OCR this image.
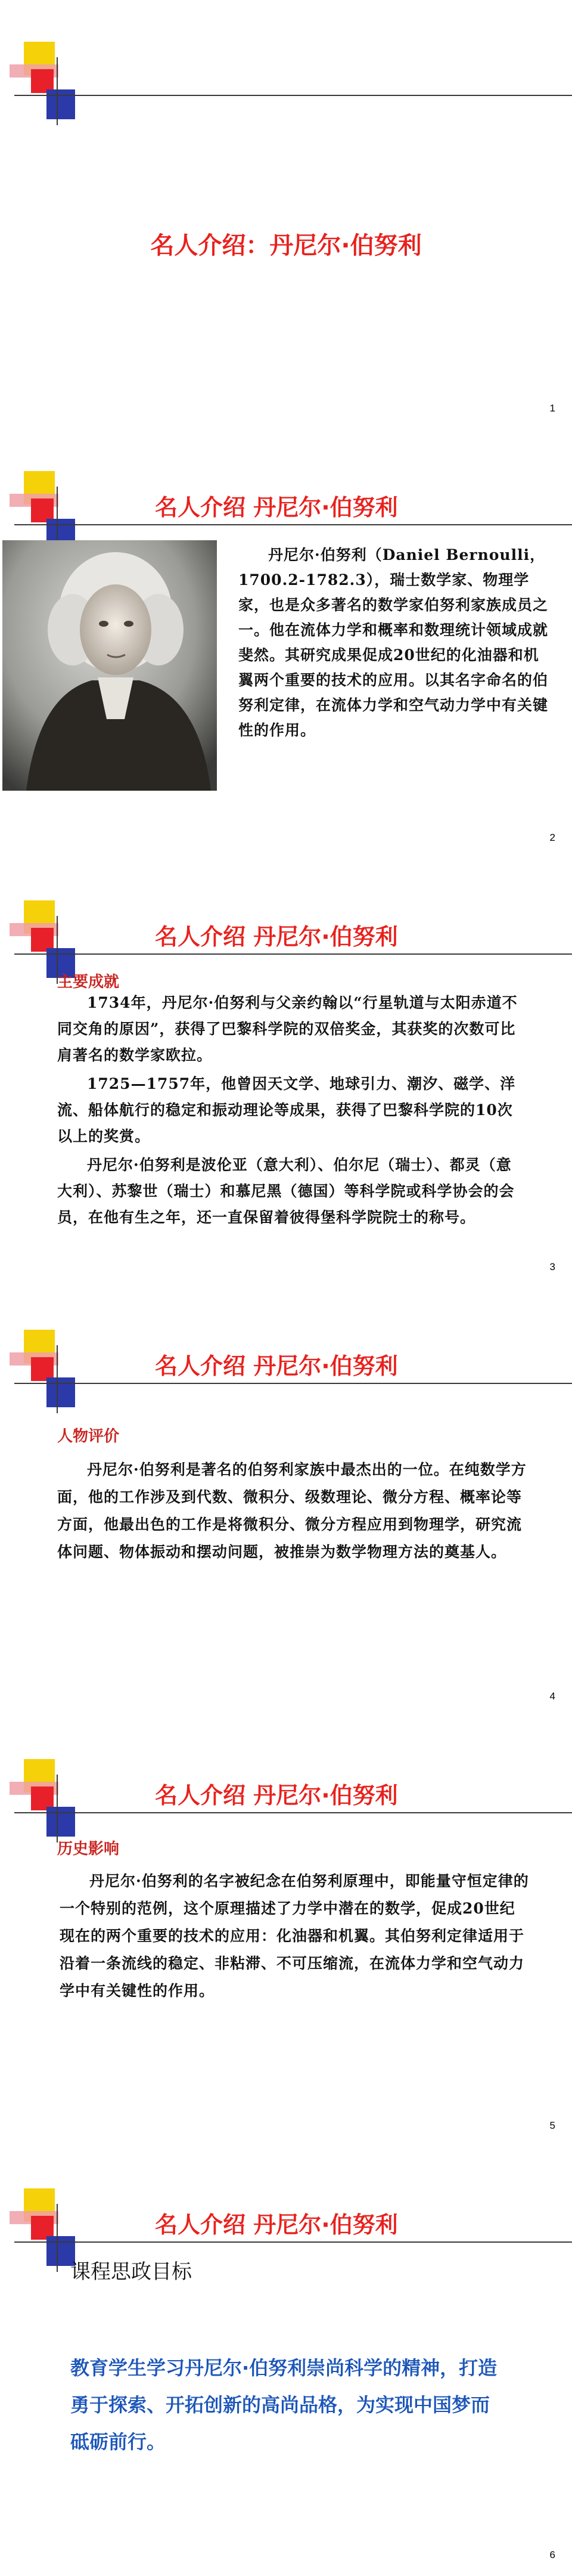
名人介绍：丹尼尔·伯努利
1
名人介绍 丹尼尔·伯努利
丹尼尔·伯努利（Daniel Bernoulli，1700.2-1782.3），瑞士数学家、物理学家，也是众多著名的数学家伯努利家族成员之一。他在流体力学和概率和数理统计领域成就斐然。其研究成果促成20世纪的化油器和机翼两个重要的技术的应用。以其名字命名的伯努利定律，在流体力学和空气动力学中有关键性的作用。
2
名人介绍 丹尼尔·伯努利
主要成就

1734年，丹尼尔·伯努利与父亲约翰以“行星轨道与太阳赤道不同交角的原因”，获得了巴黎科学院的双倍奖金，其获奖的次数可比肩著名的数学家欧拉。

1725—1757年，他曾因天文学、地球引力、潮汐、磁学、洋流、船体航行的稳定和振动理论等成果，获得了巴黎科学院的10次以上的奖赏。

丹尼尔·伯努利是波伦亚（意大利）、伯尔尼（瑞士）、都灵（意大利）、苏黎世（瑞士）和慕尼黑（德国）等科学院或科学协会的会员，在他有生之年，还一直保留着彼得堡科学院院士的称号。

3
名人介绍 丹尼尔·伯努利
人物评价

丹尼尔·伯努利是著名的伯努利家族中最杰出的一位。在纯数学方面，他的工作涉及到代数、微积分、级数理论、微分方程、概率论等方面，他最出色的工作是将微积分、微分方程应用到物理学，研究流体问题、物体振动和摆动问题，被推崇为数学物理方法的奠基人。

4
名人介绍 丹尼尔·伯努利
历史影响

丹尼尔·伯努利的名字被纪念在伯努利原理中，即能量守恒定律的一个特别的范例，这个原理描述了力学中潜在的数学，促成20世纪现在的两个重要的技术的应用：化油器和机翼。其伯努利定律适用于沿着一条流线的稳定、非粘滞、不可压缩流，在流体力学和空气动力学中有关键性的作用。

5
名人介绍 丹尼尔·伯努利
课程思政目标
教育学生学习丹尼尔·伯努利崇尚科学的精神，打造勇于探索、开拓创新的高尚品格，为实现中国梦而砥砺前行。
6
